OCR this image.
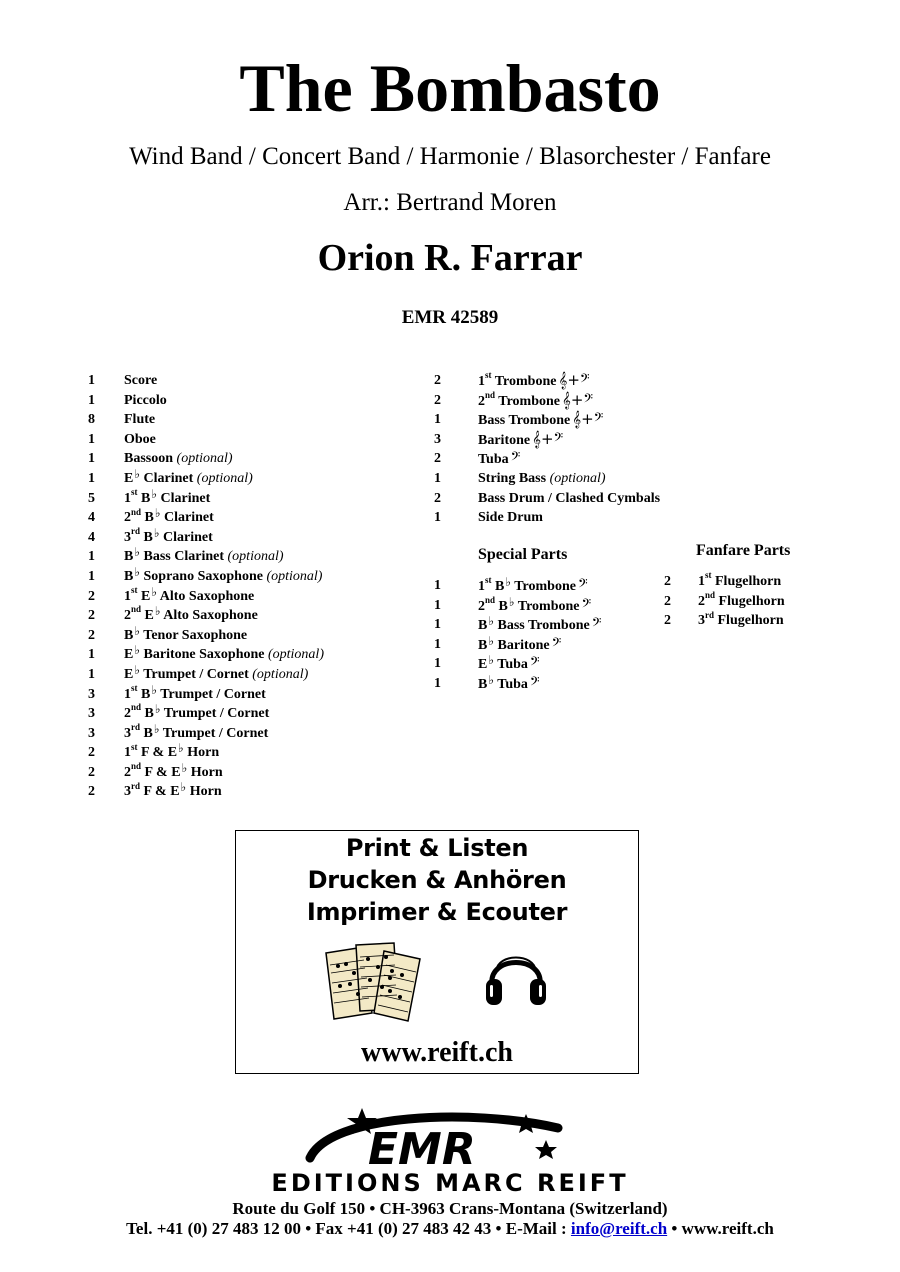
The Bombasto
Wind Band / Concert Band / Harmonie / Blasorchester / Fanfare
Arr.: Bertrand Moren
Orion R. Farrar
EMR 42589
1 Score
1 Piccolo
8 Flute
1 Oboe
1 Bassoon (optional)
1 E♭ Clarinet (optional)
5 1st B♭ Clarinet
4 2nd B♭ Clarinet
4 3rd B♭ Clarinet
1 B♭ Bass Clarinet (optional)
1 B♭ Soprano Saxophone (optional)
2 1st E♭ Alto Saxophone
2 2nd E♭ Alto Saxophone
2 B♭ Tenor Saxophone
1 E♭ Baritone Saxophone (optional)
1 E♭ Trumpet / Cornet (optional)
3 1st B♭ Trumpet / Cornet
3 2nd B♭ Trumpet / Cornet
3 3rd B♭ Trumpet / Cornet
2 1st F & E♭ Horn
2 2nd F & E♭ Horn
2 3rd F & E♭ Horn
2	1st Trombone 𝄞+𝄢
2	2nd Trombone 𝄞+𝄢
1	Bass Trombone 𝄞+𝄢
3	Baritone 𝄞+𝄢
2	Tuba 𝄢
1	String Bass (optional)
2	Bass Drum / Clashed Cymbals
1	Side Drum
Special Parts
1	1st B♭ Trombone 𝄢
1	2nd B♭ Trombone 𝄢
1	B♭ Bass Trombone 𝄢
1	B♭ Baritone 𝄢
1	E♭ Tuba 𝄢
1	B♭ Tuba 𝄢
Fanfare Parts
2 1st Flugelhorn
2 2nd Flugelhorn
2 3rd Flugelhorn
Print & Listen
Drucken & Anhören
Imprimer & Ecouter
www.reift.ch
EMR
EDITIONS MARC REIFT
Route du Golf 150 • CH-3963 Crans-Montana (Switzerland)
Tel. +41 (0) 27 483 12 00 • Fax +41 (0) 27 483 42 43 • E-Mail : info@reift.ch • www.reift.ch
